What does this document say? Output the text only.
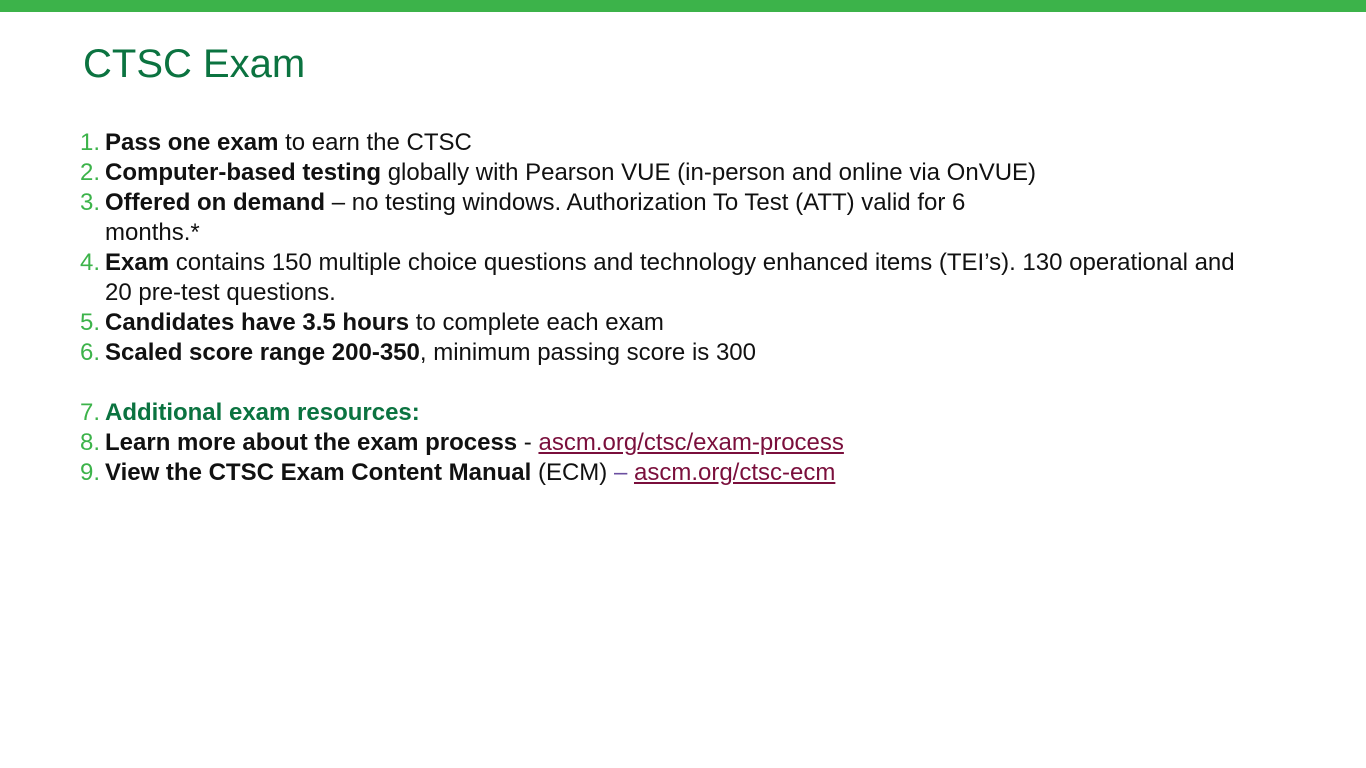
CTSC Exam
1. Pass one exam to earn the CTSC
2. Computer-based testing globally with Pearson VUE (in-person and online via OnVUE)
3. Offered on demand – no testing windows. Authorization To Test (ATT) valid for 6
months.*
4. Exam contains 150 multiple choice questions and technology enhanced items (TEI’s). 130 operational and 20 pre-test questions.
5. Candidates have 3.5 hours to complete each exam
6. Scaled score range 200-350, minimum passing score is 300
7. Additional exam resources:
8. Learn more about the exam process - ascm.org/ctsc/exam-process
9. View the CTSC Exam Content Manual (ECM) – ascm.org/ctsc-ecm
